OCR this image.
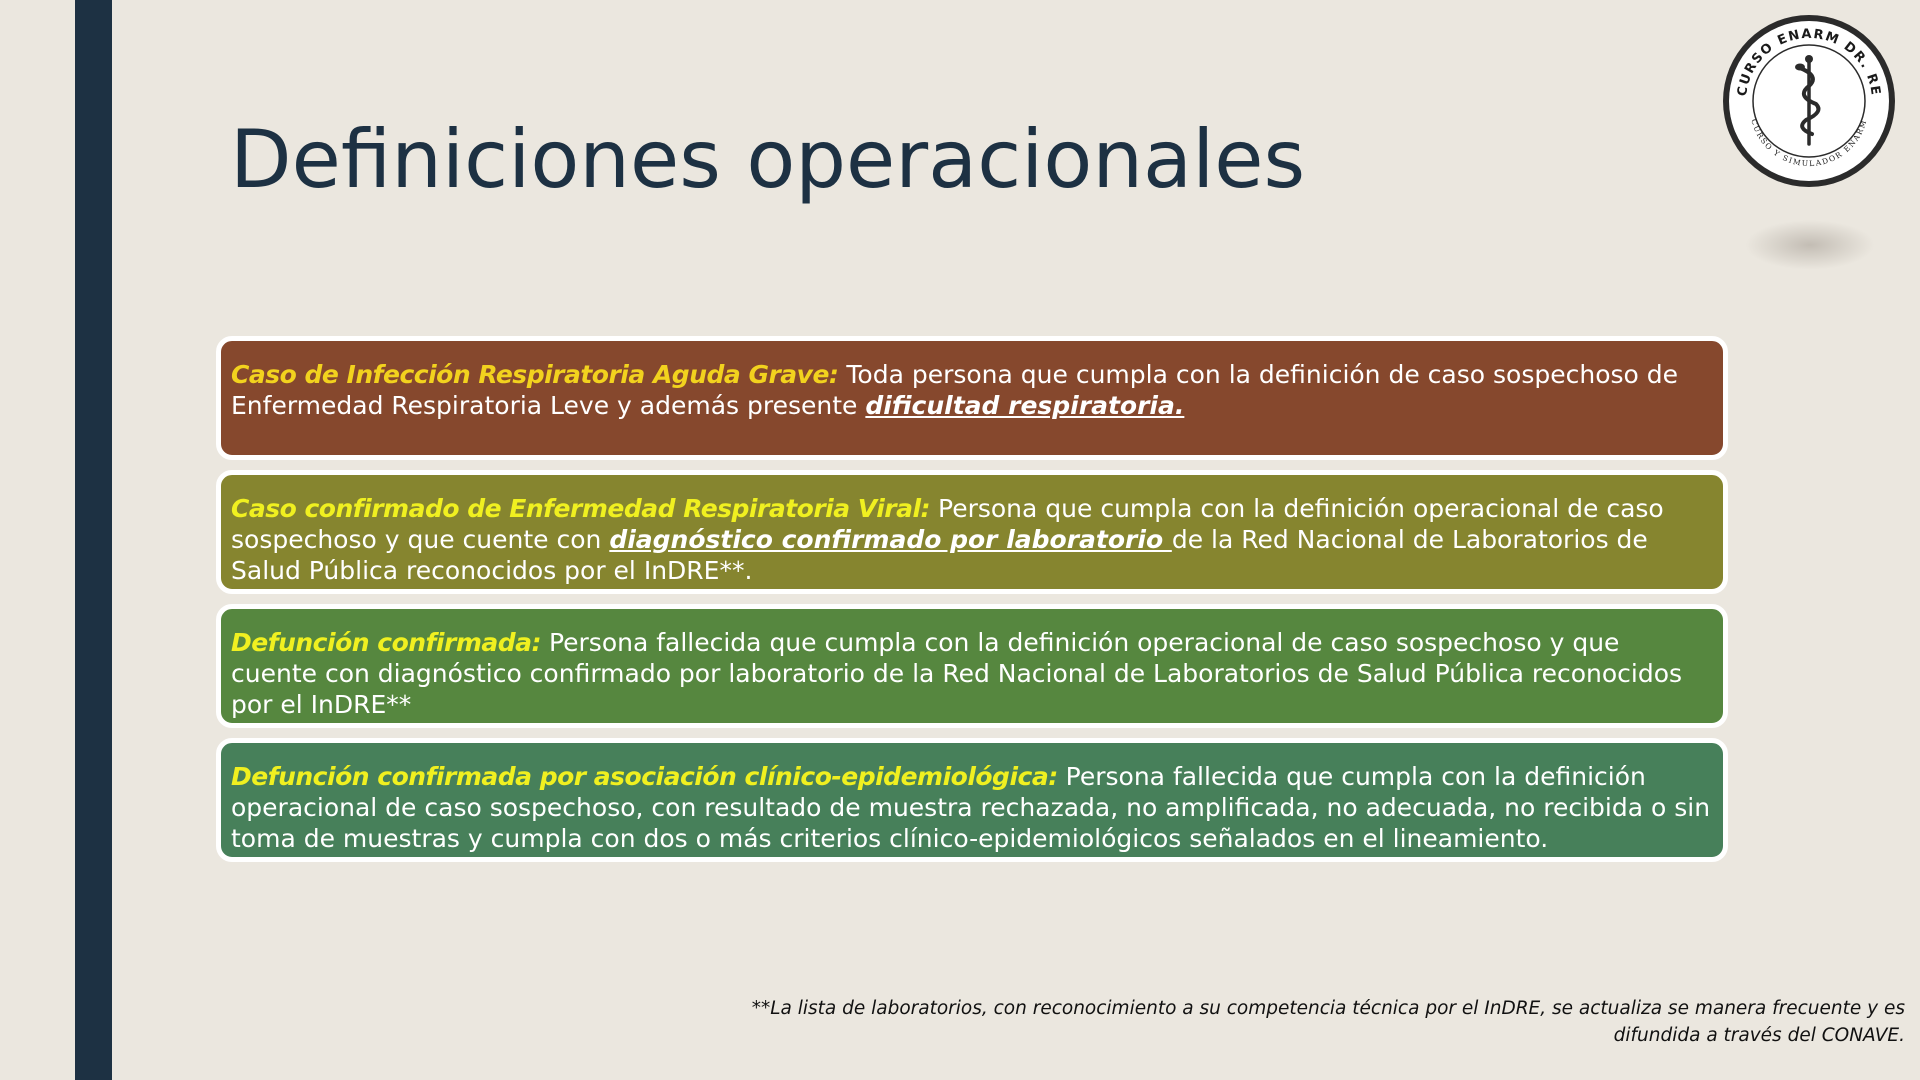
Definiciones operacionales
CURSO ENARM DR. RE
CURSO Y SIMULADOR ENARM
Caso de Infección Respiratoria Aguda Grave: Toda persona que cumpla con la definición de caso sospechoso de Enfermedad Respiratoria Leve y además presente dificultad respiratoria.
Caso confirmado de Enfermedad Respiratoria Viral: Persona que cumpla con la definición operacional de caso sospechoso y que cuente con diagnóstico confirmado por laboratorio de la Red Nacional de Laboratorios de Salud Pública reconocidos por el InDRE**.
Defunción confirmada: Persona fallecida que cumpla con la definición operacional de caso sospechoso y que cuente con diagnóstico confirmado por laboratorio de la Red Nacional de Laboratorios de Salud Pública reconocidos por el InDRE**
Defunción confirmada por asociación clínico-epidemiológica: Persona fallecida que cumpla con la definición operacional de caso sospechoso, con resultado de muestra rechazada, no amplificada, no adecuada, no recibida o sin toma de muestras y cumpla con dos o más criterios clínico-epidemiológicos señalados en el lineamiento.
**La lista de laboratorios, con reconocimiento a su competencia técnica por el InDRE, se actualiza se manera frecuente y es
difundida a través del CONAVE.
